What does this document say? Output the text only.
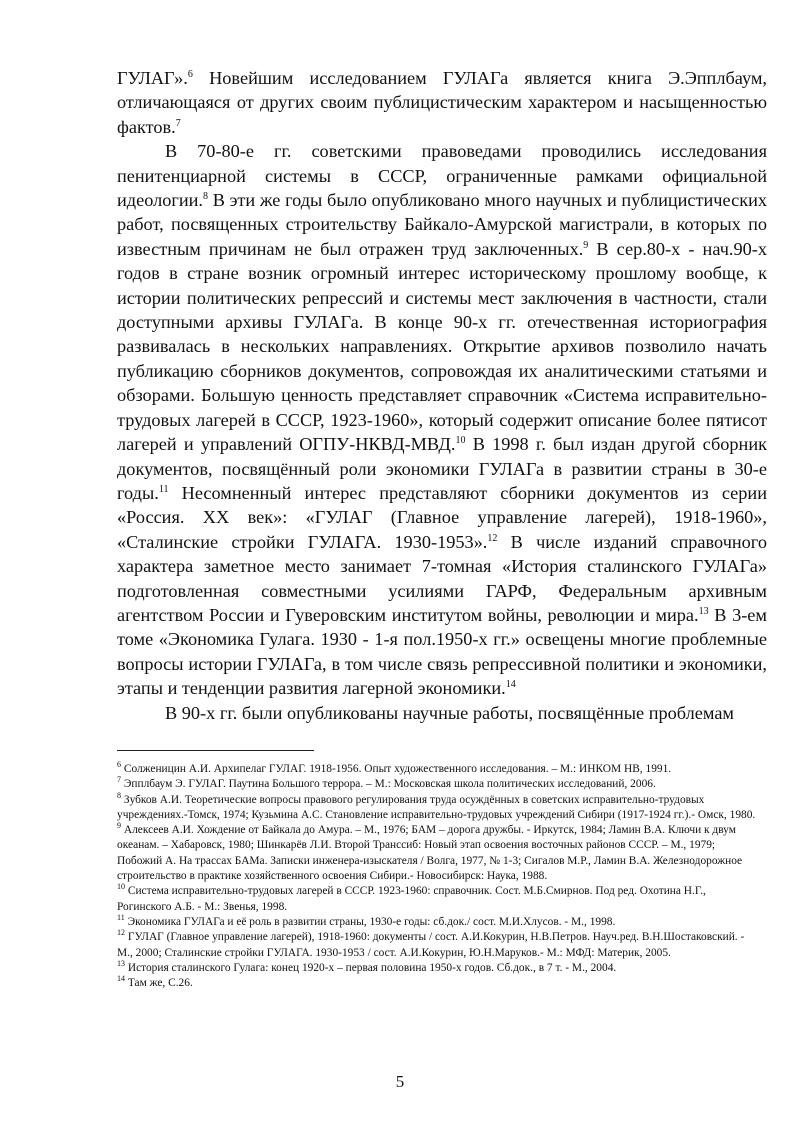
ГУЛАГ».$^6$ Новейшим исследованием ГУЛАГа является книга Э.Эпплбаум, отличающаяся от других своим публицистическим характером и насыщенностью фактов.$^7$

В 70-80-е гг. советскими правоведами проводились исследования пенитенциарной системы в СССР, ограниченные рамками официальной идеологии.$^8$ В эти же годы было опубликовано много научных и публицистических работ, посвященных строительству Байкало-Амурской магистрали, в которых по известным причинам не был отражен труд заключенных.$^9$ В сер.80-х - нач.90-х годов в стране возник огромный интерес историческому прошлому вообще, к истории политических репрессий и системы мест заключения в частности, стали доступными архивы ГУЛАГа. В конце 90-х гг. отечественная историография развивалась в нескольких направлениях. Открытие архивов позволило начать публикацию сборников документов, сопровождая их аналитическими статьями и обзорами. Большую ценность представляет справочник «Система исправительно-трудовых лагерей в СССР, 1923-1960», который содержит описание более пятисот лагерей и управлений ОГПУ-НКВД-МВД.$^{10}$ В 1998 г. был издан другой сборник документов, посвящённый роли экономики ГУЛАГа в развитии страны в 30-е годы.$^{11}$ Несомненный интерес представляют сборники документов из серии «Россия. XX век»: «ГУЛАГ (Главное управление лагерей), 1918-1960», «Сталинские стройки ГУЛАГА. 1930-1953».$^{12}$ В числе изданий справочного характера заметное место занимает 7-томная «История сталинского ГУЛАГа» подготовленная совместными усилиями ГАРФ, Федеральным архивным агентством России и Гуверовским институтом войны, революции и мира.$^{13}$ В 3-ем томе «Экономика Гулага. 1930 - 1-я пол.1950-х гг.» освещены многие проблемные вопросы истории ГУЛАГа, в том числе связь репрессивной политики и экономики, этапы и тенденции развития лагерной экономики.$^{14}$

В 90-х гг. были опубликованы научные работы, посвящённые проблемам

$^6$ Солженицин А.И. Архипелаг ГУЛАГ. 1918-1956. Опыт художественного исследования. – М.: ИНКОМ НВ, 1991.
$^7$ Эпплбаум Э. ГУЛАГ. Паутина Большого террора. – М.: Московская школа политических исследований, 2006.
$^8$ Зубков А.И. Теоретические вопросы правового регулирования труда осуждённых в советских исправительно-трудовых учреждениях.-Томск, 1974; Кузьмина А.С. Становление исправительно-трудовых учреждений Сибири (1917-1924 гг.).- Омск, 1980.
$^9$ Алексеев А.И. Хождение от Байкала до Амура. – М., 1976; БАМ – дорога дружбы. - Иркутск, 1984; Ламин В.А. Ключи к двум океанам. – Хабаровск, 1980; Шинкарёв Л.И. Второй Транссиб: Новый этап освоения восточных районов СССР. – М., 1979; Побожий А. На трассах БАМа. Записки инженера-изыскателя / Волга, 1977, № 1-3; Сигалов М.Р., Ламин В.А. Железнодорожное строительство в практике хозяйственного освоения Сибири.- Новосибирск: Наука, 1988.
$^{10}$ Система исправительно-трудовых лагерей в СССР. 1923-1960: справочник. Сост. М.Б.Смирнов. Под ред. Охотина Н.Г., Рогинского А.Б. - М.: Звенья, 1998.
$^{11}$ Экономика ГУЛАГа и её роль в развитии страны, 1930-е годы: сб.док./ сост. М.И.Хлусов. - М., 1998.
$^{12}$ ГУЛАГ (Главное управление лагерей), 1918-1960: документы / сост. А.И.Кокурин, Н.В.Петров. Науч.ред. В.Н.Шостаковский. - М., 2000; Сталинские стройки ГУЛАГА. 1930-1953 / сост. А.И.Кокурин, Ю.Н.Маруков.- М.: МФД: Материк, 2005.
$^{13}$ История сталинского Гулага: конец 1920-х – первая половина 1950-х годов. Сб.док., в 7 т. - М., 2004.
$^{14}$ Там же, С.26.
5
